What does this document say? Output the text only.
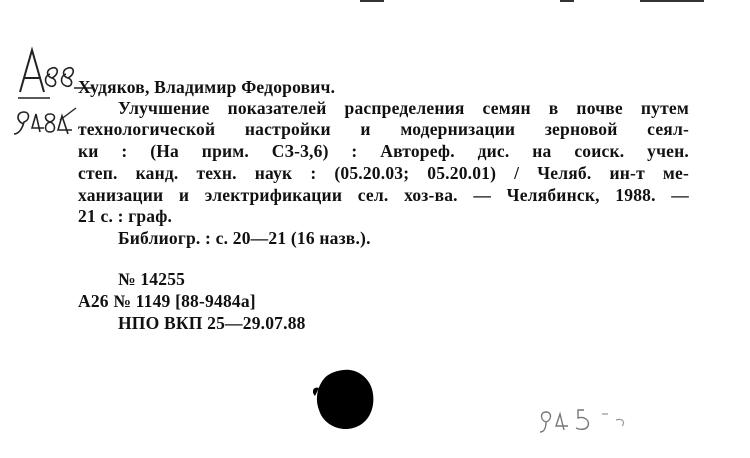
Худяков, Владимир Федорович.
Улучшение показателей распределения семян в почве путем
технологической настройки и модернизации зерновой сеял-
ки : (На прим. СЗ-3,6) : Автореф. дис. на соиск. учен.
степ. канд. техн. наук : (05.20.03; 05.20.01) / Челяб. ин-т ме-
ханизации и электрификации сел. хоз-ва. — Челябинск, 1988. —
21 с. : граф.
Библиогр. : с. 20—21 (16 назв.).
№ 14255
А26 № 1149 [88-9484а]
НПО ВКП 25—29.07.88
